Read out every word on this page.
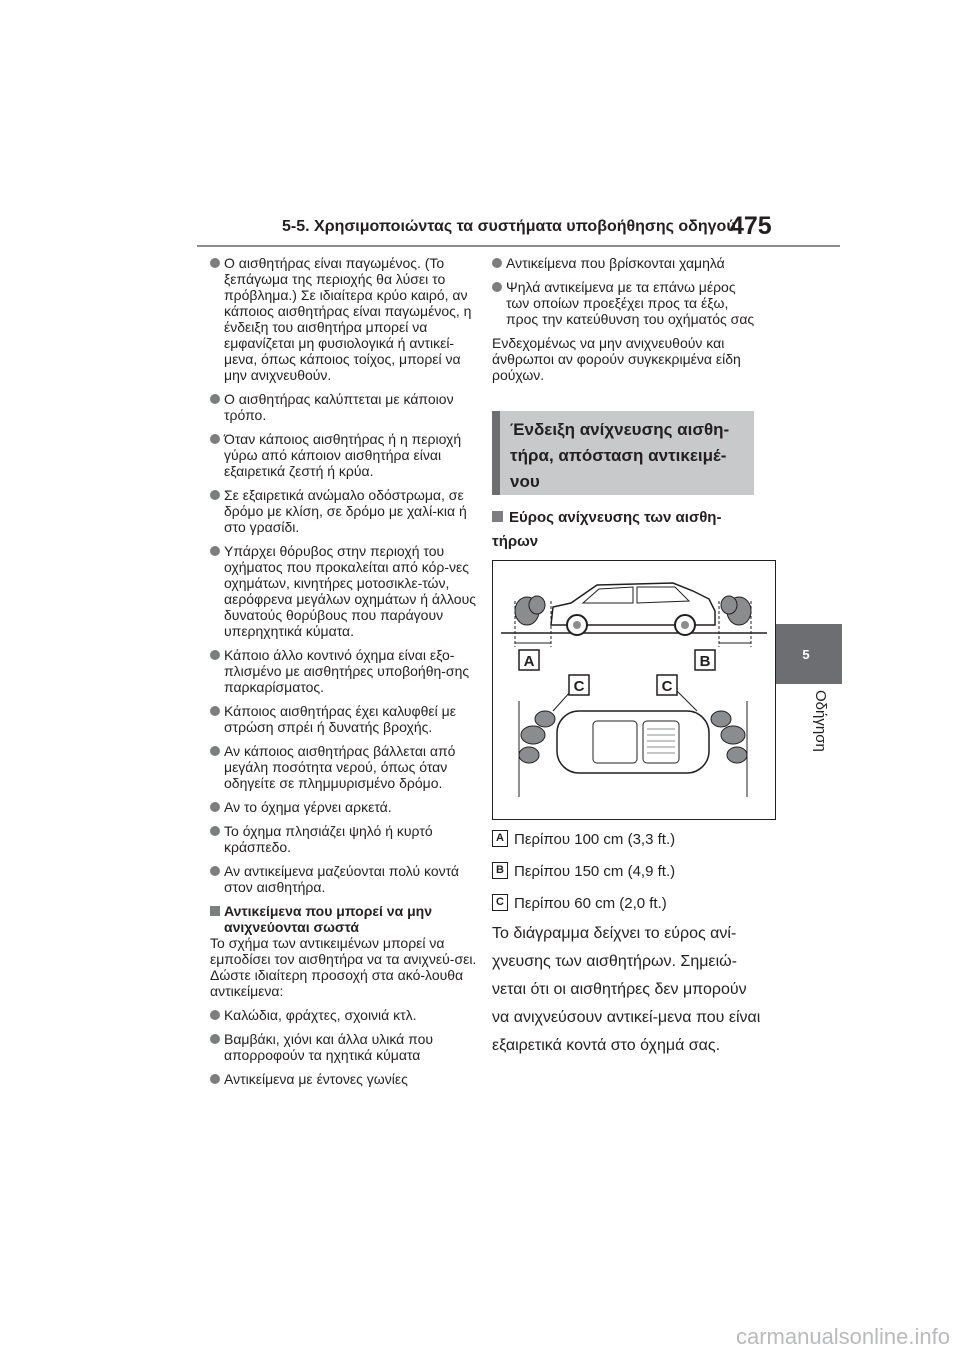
5-5. Χρησιμοποιώντας τα συστήματα υποβοήθησης οδηγού
475
5
Οδήγηση

Ο αισθητήρας είναι παγωμένος. (Το ξεπάγωμα της περιοχής θα λύσει το πρόβλημα.) Σε ιδιαίτερα κρύο καιρό, αν κάποιος αισθητήρας είναι παγωμένος, η ένδειξη του αισθητήρα μπορεί να εμφανίζεται μη φυσιολογικά ή αντικεί-μενα, όπως κάποιος τοίχος, μπορεί να μην ανιχνευθούν.

Ο αισθητήρας καλύπτεται με κάποιον τρόπο.

Όταν κάποιος αισθητήρας ή η περιοχή γύρω από κάποιον αισθητήρα είναι εξαιρετικά ζεστή ή κρύα.

Σε εξαιρετικά ανώμαλο οδόστρωμα, σε δρόμο με κλίση, σε δρόμο με χαλί-κια ή στο γρασίδι.

Υπάρχει θόρυβος στην περιοχή του οχήματος που προκαλείται από κόρ-νες οχημάτων, κινητήρες μοτοσικλε-τών, αερόφρενα μεγάλων οχημάτων ή άλλους δυνατούς θορύβους που παράγουν υπερηχητικά κύματα.

Κάποιο άλλο κοντινό όχημα είναι εξο-πλισμένο με αισθητήρες υποβοήθη-σης παρκαρίσματος.

Κάποιος αισθητήρας έχει καλυφθεί με στρώση σπρέι ή δυνατής βροχής.

Αν κάποιος αισθητήρας βάλλεται από μεγάλη ποσότητα νερού, όπως όταν οδηγείτε σε πλημμυρισμένο δρόμο.

Αν το όχημα γέρνει αρκετά.

Το όχημα πλησιάζει ψηλό ή κυρτό κράσπεδο.

Αν αντικείμενα μαζεύονται πολύ κοντά στον αισθητήρα.

Αντικείμενα που μπορεί να μην ανιχνεύονται σωστά

Το σχήμα των αντικειμένων μπορεί να εμποδίσει τον αισθητήρα να τα ανιχνεύ-σει. Δώστε ιδιαίτερη προσοχή στα ακό-λουθα αντικείμενα:

Καλώδια, φράχτες, σχοινιά κτλ.

Βαμβάκι, χιόνι και άλλα υλικά που απορροφούν τα ηχητικά κύματα

Αντικείμενα με έντονες γωνίες

Αντικείμενα που βρίσκονται χαμηλά

Ψηλά αντικείμενα με τα επάνω μέρος των οποίων προεξέχει προς τα έξω, προς την κατεύθυνση του οχήματός σας

Ενδεχομένως να μην ανιχνευθούν και άνθρωποι αν φορούν συγκεκριμένα είδη ρούχων.

Ένδειξη ανίχνευσης αισθη-τήρα, απόσταση αντικειμέ-νου
Εύρος ανίχνευσης των αισθη-τήρων
A	B
C	C
A Περίπου 100 cm (3,3 ft.)
B Περίπου 150 cm (4,9 ft.)
C Περίπου 60 cm (2,0 ft.)
Το διάγραμμα δείχνει το εύρος ανί-χνευσης των αισθητήρων. Σημειώ-νεται ότι οι αισθητήρες δεν μπορούν να ανιχνεύσουν αντικεί-μενα που είναι εξαιρετικά κοντά στο όχημά σας.
carmanualsonline.info
